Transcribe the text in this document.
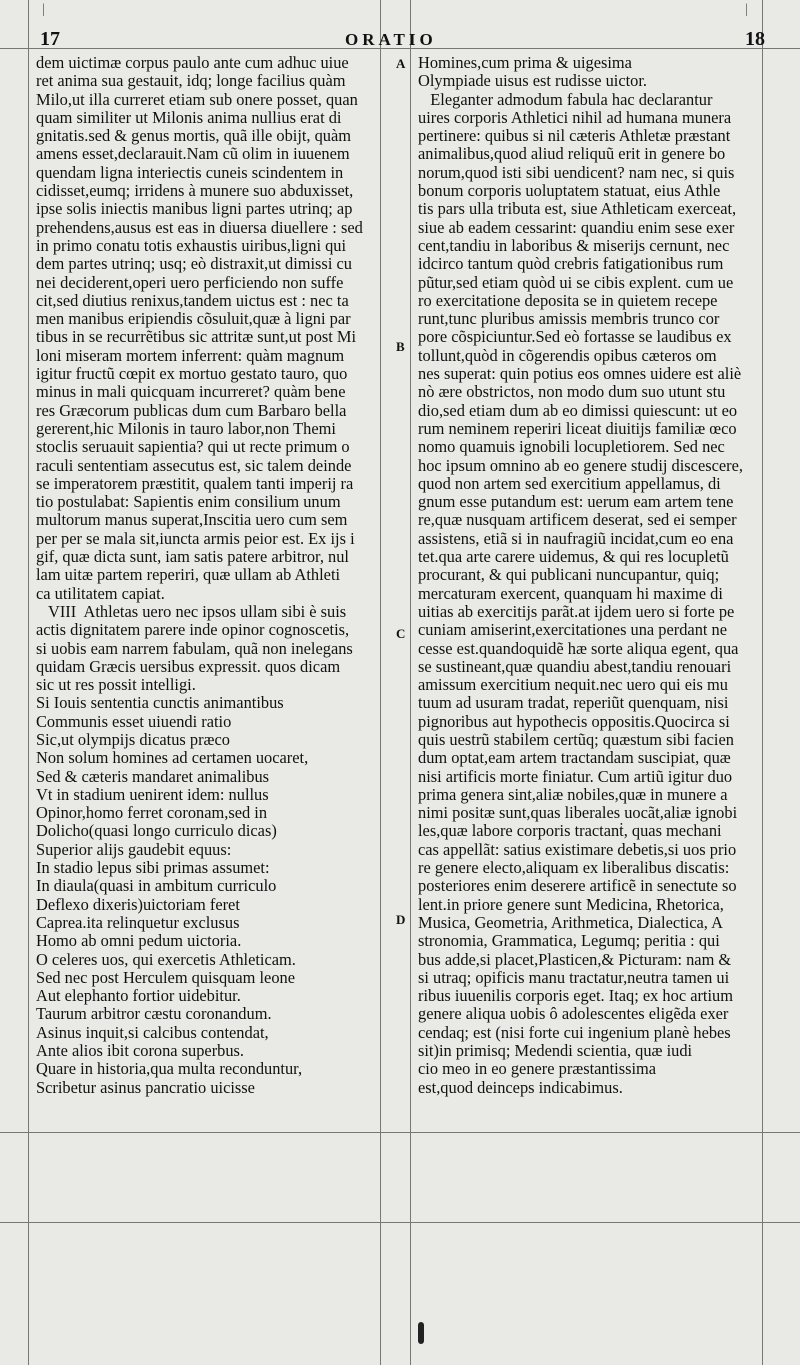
|	|
17	ORATIO	18
A
B
C
D
dem uictimæ corpus paulo ante cum adhuc uiue
ret anima sua gestauit, idq; longe facilius quàm
Milo,ut illa curreret etiam sub onere posset, quan
quam similiter ut Milonis anima nullius erat di
gnitatis.sed & genus mortis, quã ille obijt, quàm
amens esset,declarauit.Nam cũ olim in iuuenem
quendam ligna interiectis cuneis scindentem in
cidisset,eumq; irridens à munere suo abduxisset,
ipse solis iniectis manibus ligni partes utrinq; ap
prehendens,ausus est eas in diuersa diuellere : sed
in primo conatu totis exhaustis uiribus,ligni qui
dem partes utrinq; usq; eò distraxit,ut dimissi cu
nei deciderent,operi uero perficiendo non suffe
cit,sed diutius renixus,tandem uictus est : nec ta
men manibus eripiendis cõsuluit,quæ à ligni par
tibus in se recurrẽtibus sic attritæ sunt,ut post Mi
loni miseram mortem inferrent: quàm magnum
igitur fructũ cœpit ex mortuo gestato tauro, quo
minus in mali quicquam incurreret? quàm bene
res Græcorum publicas dum cum Barbaro bella
gererent,hic Milonis in tauro labor,non Themi
stoclis seruauit sapientia? qui ut recte primum o
raculi sententiam assecutus est, sic talem deinde
se imperatorem præstitit, qualem tanti imperij ra
tio postulabat: Sapientis enim consilium unum
multorum manus superat,Inscitia uero cum sem
per per se mala sit,iuncta armis peior est. Ex ijs i
gif, quæ dicta sunt, iam satis patere arbitror, nul
lam uitæ partem reperiri, quæ ullam ab Athleti
ca utilitatem capiat.
VIII  Athletas uero nec ipsos ullam sibi è suis
actis dignitatem parere inde opinor cognoscetis,
si uobis eam narrem fabulam, quã non inelegans
quidam Græcis uersibus expressit. quos dicam
sic ut res possit intelligi.
Si Iouis sententia cunctis animantibus
Communis esset uiuendi ratio
Sic,ut olympijs dicatus præco
Non solum homines ad certamen uocaret,
Sed & cæteris mandaret animalibus
Vt in stadium uenirent idem: nullus
Opinor,homo ferret coronam,sed in
Dolicho(quasi longo curriculo dicas)
Superior alijs gaudebit equus:
In stadio lepus sibi primas assumet:
In diaula(quasi in ambitum curriculo
Deflexo dixeris)uictoriam feret
Caprea.ita relinquetur exclusus
Homo ab omni pedum uictoria.
O celeres uos, qui exercetis Athleticam.
Sed nec post Herculem quisquam leone
Aut elephanto fortior uidebitur.
Taurum arbitror cæstu coronandum.
Asinus inquit,si calcibus contendat,
Ante alios ibit corona superbus.
Quare in historia,qua multa reconduntur,
Scribetur asinus pancratio uicisse
Homines,cum prima & uigesima
Olympiade uisus est rudisse uictor.
Eleganter admodum fabula hac declarantur
uires corporis Athletici nihil ad humana munera
pertinere: quibus si nil cæteris Athletæ præstant
animalibus,quod aliud reliquũ erit in genere bo
norum,quod isti sibi uendicent? nam nec, si quis
bonum corporis uoluptatem statuat, eius Athle
tis pars ulla tributa est, siue Athleticam exerceat,
siue ab eadem cessarint: quandiu enim sese exer
cent,tandiu in laboribus & miserijs cernunt, nec
idcirco tantum quòd crebris fatigationibus rum
pũtur,sed etiam quòd ui se cibis explent. cum ue
ro exercitatione deposita se in quietem recepe
runt,tunc pluribus amissis membris trunco cor
pore cõspiciuntur.Sed eò fortasse se laudibus ex
tollunt,quòd in cõgerendis opibus cæteros om
nes superat: quin potius eos omnes uidere est aliè
nò ære obstrictos, non modo dum suo utunt stu
dio,sed etiam dum ab eo dimissi quiescunt: ut eo
rum neminem reperiri liceat diuitijs familiæ œco
nomo quamuis ignobili locupletiorem. Sed nec
hoc ipsum omnino ab eo genere studij discescere,
quod non artem sed exercitium appellamus, di
gnum esse putandum est: uerum eam artem tene
re,quæ nusquam artificem deserat, sed ei semper
assistens, etiã si in naufragiũ incidat,cum eo ena
tet.qua arte carere uidemus, & qui res locupletũ
procurant, & qui publicani nuncupantur, quiq;
mercaturam exercent, quanquam hi maxime di
uitias ab exercitijs parãt.at ijdem uero si forte pe
cuniam amiserint,exercitationes una perdant ne
cesse est.quandoquidẽ hæ sorte aliqua egent, qua
se sustineant,quæ quandiu abest,tandiu renouari
amissum exercitium nequit.nec uero qui eis mu
tuum ad usuram tradat, reperiũt quenquam, nisi
pignoribus aut hypothecis oppositis.Quocirca si
quis uestrũ stabilem certũq; quæstum sibi facien
dum optat,eam artem tractandam suscipiat, quæ
nisi artificis morte finiatur. Cum artiũ igitur duo
prima genera sint,aliæ nobiles,quæ in munere a
nimi positæ sunt,quas liberales uocãt,aliæ ignobi
les,quæ labore corporis tractanṫ, quas mechani
cas appellãt: satius existimare debetis,si uos prio
re genere electo,aliquam ex liberalibus discatis:
posteriores enim deserere artificẽ in senectute so
lent.in priore genere sunt Medicina, Rhetorica,
Musica, Geometria, Arithmetica, Dialectica, A
stronomia, Grammatica, Legumq; peritia : qui
bus adde,si placet,Plasticen,& Picturam: nam &
si utraq; opificis manu tractatur,neutra tamen ui
ribus iuuenilis corporis eget. Itaq; ex hoc artium
genere aliqua uobis ô adolescentes eligẽda exer
cendaq; est (nisi forte cui ingenium planè hebes
sit)in primisq; Medendi scientia, quæ iudi
cio meo in eo genere præstantissima
est,quod deinceps indicabimus.
